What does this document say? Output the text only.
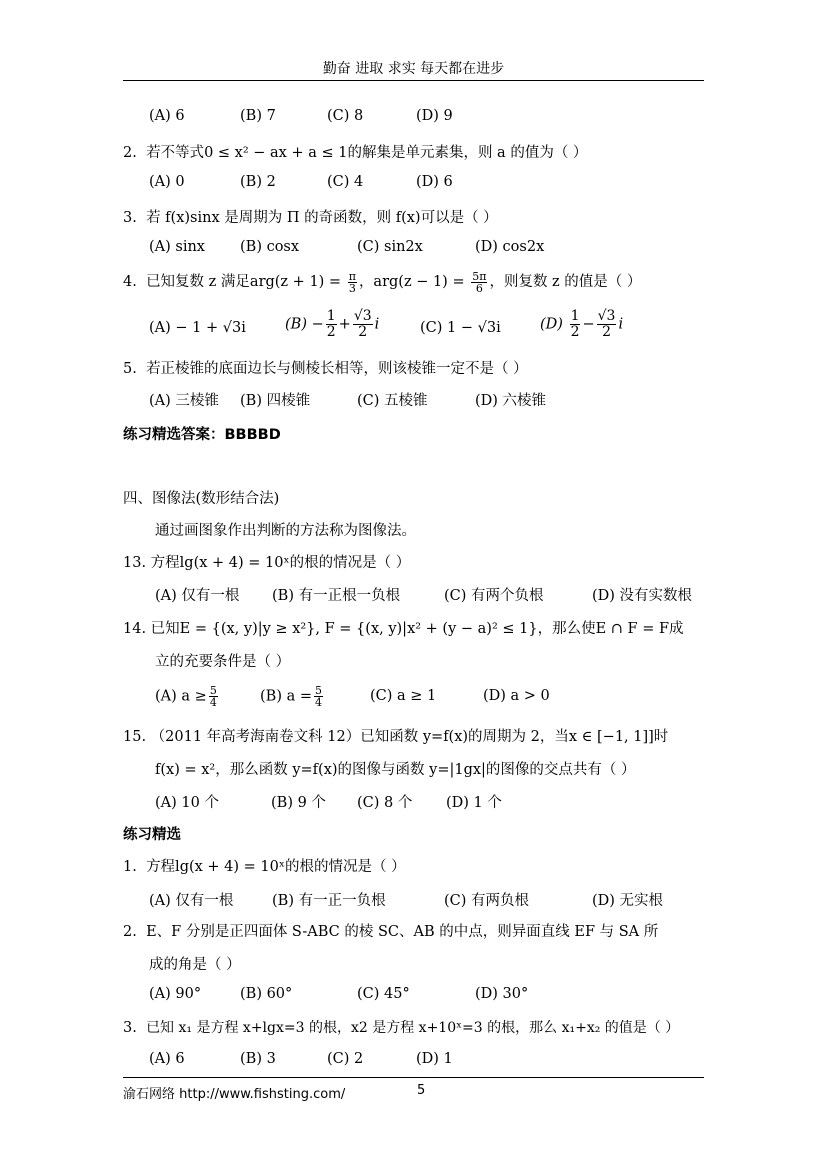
勤奋 进取 求实 每天都在进步
(A) 6	(B) 7	(C) 8	(D) 9
2. 若不等式0 ≤ x² − ax + a ≤ 1的解集是单元素集，则 a 的值为（ ）
(A) 0	(B) 2	(C) 4	(D) 6
3. 若 f(x)sinx 是周期为 Π 的奇函数，则 f(x)可以是（ ）
(A) sinx (B) cosx	(C) sin2x	(D) cos2x
4. 已知复数 z 满足$arg(z + 1) = \frac{\pi}{3}$ ，$arg(z - 1) = \frac{5\pi}{6}$ ，则复数 z 的值是（ ）
(A) − 1 + √3i	$(B) - \frac{1}{2} + \frac{√3}{2}$ i	(C) 1 − √3i	$(D) \frac{1}{2} - \frac{√3}{2}$ i
5. 若正棱锥的底面边长与侧棱长相等，则该棱锥一定不是（ ）
(A) 三棱锥 (B) 四棱锥	(C) 五棱锥	(D) 六棱锥
练习精选答案：BBBBD
四、图像法(数形结合法)
通过画图象作出判断的方法称为图像法。
13. 方程lg(x + 4) = 10ˣ的根的情况是（ ）
(A) 仅有一根 (B) 有一正根一负根	(C) 有两个负根	(D) 没有实数根
14. 已知E = {(x, y)|y ≥ x²}, F = {(x, y)|x² + (y − a)² ≤ 1}，那么使E ∩ F = F成
立的充要条件是（ ）
(A) $a \ge \frac{5}{4}$	(B) $a = \frac{5}{4}$	(C) a ≥ 1	(D) a > 0
15. （2011 年高考海南卷文科 12）已知函数 y=f(x)的周期为 2，当x ∈ [−1, 1]]时
f(x) = x²，那么函数 y=f(x)的图像与函数 y=|1gx|的图像的交点共有（ ）
(A) 10 个	(B) 9 个 (C) 8 个 (D) 1 个
练习精选
1. 方程lg(x + 4) = 10ˣ的根的情况是（ ）
(A) 仅有一根	(B) 有一正一负根	(C) 有两负根	(D) 无实根
2. E、F 分别是正四面体 S-ABC 的棱 SC、AB 的中点，则异面直线 EF 与 SA 所
成的角是（ ）
(A) 90°	(B) 60°	(C) 45°	(D) 30°
3. 已知 x₁ 是方程 x+lgx=3 的根，x2 是方程 x+10ˣ=3 的根，那么 x₁+x₂ 的值是（ ）
(A) 6	(B) 3	(C) 2	(D) 1
渝石网络 http://www.fishsting.com/	5
